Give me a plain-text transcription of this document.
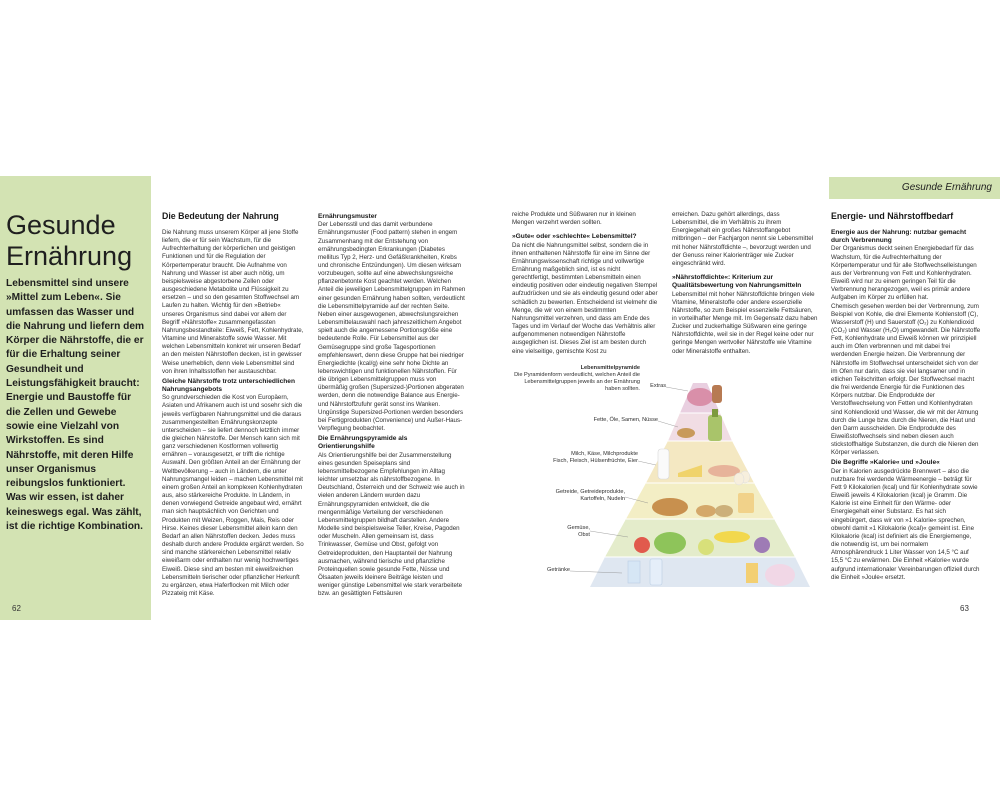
Gesunde
Ernährung

Lebensmittel sind unsere »Mittel zum Leben«. Sie umfassen das Wasser und die Nahrung und liefern dem Körper die Nährstoffe, die er für die Erhaltung seiner Gesundheit und Leistungsfähigkeit braucht: Energie und Baustoffe für die Zellen und Gewebe sowie eine Vielzahl von Wirkstoffen. Es sind Nährstoffe, mit deren Hilfe unser Organismus reibungslos funktioniert. Was wir essen, ist daher keineswegs egal. Was zählt, ist die richtige Kombination.

62
Die Bedeutung der Nahrung

Die Nahrung muss unserem Körper all jene Stoffe liefern, die er für sein Wachstum, für die Aufrechterhaltung der körperlichen und geistigen Funktionen und für die Regulation der Körpertemperatur braucht. Die Aufnahme von Nahrung und Wasser ist aber auch nötig, um beispielsweise abgestorbene Zellen oder ausgeschiedene Metabolite und Flüssigkeit zu ersetzen – und so den gesamten Stoffwechsel am Laufen zu halten. Wichtig für den »Betrieb« unseres Organismus sind dabei vor allem der Begriff »Nährstoffe« zusammengefassten Nahrungsbestandteile: Eiweiß, Fett, Kohlenhydrate, Vitamine und Mineralstoffe sowie Wasser. Mit welchen Lebensmitteln konkret wir unseren Bedarf an den meisten Nährstoffen decken, ist in gewisser Weise unerheblich, denn viele Lebensmittel sind von ihren Inhaltsstoffen her austauschbar.

Gleiche Nährstoffe trotz unterschiedlichen Nahrungsangebots

So grundverschieden die Kost von Europäern, Asiaten und Afrikanern auch ist und sosehr sich die jeweils verfügbaren Nahrungsmittel und die daraus zusammengestellten Ernährungskonzepte unterscheiden – sie liefert dennoch letztlich immer die gleichen Nährstoffe. Der Mensch kann sich mit ganz verschiedenen Kostformen vollwertig ernähren – vorausgesetzt, er trifft die richtige Auswahl. Den größten Anteil an der Ernährung der Weltbevölkerung – auch in Ländern, die unter Nahrungsmangel leiden – machen Lebensmittel mit einem großen Anteil an komplexen Kohlenhydraten aus, also stärkereiche Produkte. In Ländern, in denen vorwiegend Getreide angebaut wird, ernährt man sich hauptsächlich von Gerichten und Produkten mit Weizen, Roggen, Mais, Reis oder Hirse. Keines dieser Lebensmittel allein kann den Bedarf an allen Nährstoffen decken. Jedes muss deshalb durch andere Produkte ergänzt werden. So sind manche stärkereichen Lebensmittel relativ eiweißarm oder enthalten nur wenig hochwertiges Eiweiß. Diese sind am besten mit eiweißreichen Lebensmitteln tierischer oder pflanzlicher Herkunft zu ergänzen, etwa Haferflocken mit Milch oder Pizzateig mit Käse.

Ernährungsmuster

Der Lebensstil und das damit verbundene Ernährungsmuster (Food pattern) stehen in engem Zusammenhang mit der Entstehung von ernährungsbedingten Erkrankungen (Diabetes mellitus Typ 2, Herz- und Gefäßkrankheiten, Krebs und chronische Entzündungen). Um diesen wirksam vorzubeugen, sollte auf eine abwechslungsreiche pflanzenbetonte Kost geachtet werden. Welchen Anteil die jeweiligen Lebensmittelgruppen im Rahmen einer gesunden Ernährung haben sollten, verdeutlicht die Lebensmittelpyramide auf der rechten Seite.

Neben einer ausgewogenen, abwechslungsreichen Lebensmittelauswahl nach jahreszeitlichem Angebot spielt auch die angemessene Portionsgröße eine bedeutende Rolle. Für Lebensmittel aus der Gemüsegruppe sind große Tagesportionen empfehlenswert, denn diese Gruppe hat bei niedriger Energiedichte (kcal/g) eine sehr hohe Dichte an lebenswichtigen und funktionellen Nährstoffen. Für die übrigen Lebensmittelgruppen muss von übermäßig großen (Supersized-)Portionen abgeraten werden, denn die notwendige Balance aus Energie- und Nährstoffzufuhr gerät sonst ins Wanken. Ungünstige Supersized-Portionen werden besonders bei Fertigprodukten (Convenience) und Außer-Haus-Verpflegung beobachtet.

Die Ernährungspyramide als Orientierungshilfe

Als Orientierungshilfe bei der Zusammenstellung eines gesunden Speiseplans sind lebensmittelbezogene Empfehlungen im Alltag leichter umsetzbar als nährstoffbezogene. In Deutschland, Österreich und der Schweiz wie auch in vielen anderen Ländern wurden dazu Ernährungspyramiden entwickelt, die die mengenmäßige Verteilung der verschiedenen Lebensmittelgruppen bildhaft darstellen. Andere Modelle sind beispielsweise Teller, Kreise, Pagoden oder Muscheln. Allen gemeinsam ist, dass Trinkwasser, Gemüse und Obst, gefolgt von Getreideprodukten, den Hauptanteil der Nahrung ausmachen, während tierische und pflanzliche Proteinquellen sowie gesunde Fette, Nüsse und Ölsaaten jeweils kleinere Beiträge leisten und weniger günstige Lebensmittel wie stark verarbeitete bzw. an gesättigten Fettsäuren

Gesunde Ernährung

reiche Produkte und Süßwaren nur in kleinen Mengen verzehrt werden sollten.

»Gute« oder »schlechte« Lebensmittel?

Da nicht die Nahrungsmittel selbst, sondern die in ihnen enthaltenen Nährstoffe für eine im Sinne der Ernährungswissenschaft richtige und vollwertige Ernährung maßgeblich sind, ist es nicht gerechtfertigt, bestimmten Lebensmitteln einen eindeutig positiven oder eindeutig negativen Stempel aufzudrücken und sie als eindeutig gesund oder aber schädlich zu bewerten. Entscheidend ist vielmehr die Menge, die wir von einem bestimmten Nahrungsmittel verzehren, und dass am Ende des Tages und im Verlauf der Woche das Verhältnis aller aufgenommenen notwendigen Nährstoffe ausgeglichen ist. Dieses Ziel ist am besten durch eine vielseitige, gemischte Kost zu

erreichen. Dazu gehört allerdings, dass Lebensmittel, die im Verhältnis zu ihrem Energiegehalt ein großes Nährstoffangebot mitbringen – der Fachjargon nennt sie Lebensmittel mit hoher Nährstoffdichte –, bevorzugt werden und der Genuss reiner Kalorienträger wie Zucker eingeschränkt wird.

»Nährstoffdichte«: Kriterium zur Qualitätsbewertung von Nahrungsmitteln

Lebensmittel mit hoher Nährstoffdichte bringen viele Vitamine, Mineralstoffe oder andere essenzielle Nährstoffe, so zum Beispiel essenzielle Fettsäuren, in vorteilhafter Menge mit. Im Gegensatz dazu haben Zucker und zuckerhaltige Süßwaren eine geringe Nährstoffdichte, weil sie in der Regel keine oder nur geringe Mengen wertvoller Nährstoffe wie Vitamine oder Mineralstoffe enthalten.

Energie- und Nährstoffbedarf
Energie aus der Nahrung: nutzbar gemacht durch Verbrennung

Der Organismus deckt seinen Energiebedarf für das Wachstum, für die Aufrechterhaltung der Körpertemperatur und für alle Stoffwechselleistungen aus der Verbrennung von Fett und Kohlenhydraten. Eiweiß wird nur zu einem geringen Teil für die Verbrennung herangezogen, weil es primär andere Aufgaben im Körper zu erfüllen hat.

Chemisch gesehen werden bei der Verbrennung, zum Beispiel von Kohle, die drei Elemente Kohlenstoff (C), Wasserstoff (H) und Sauerstoff (O₂) zu Kohlendioxid (CO₂) und Wasser (H₂O) umgewandelt. Die Nährstoffe Fett, Kohlenhydrate und Eiweiß können wir prinzipiell auch im Ofen verbrennen und mit dabei frei werdenden Energie heizen. Die Verbrennung der Nährstoffe im Stoffwechsel unterscheidet sich von der im Ofen nur darin, dass sie viel langsamer und in etlichen Teilschritten erfolgt. Der Stoffwechsel macht die frei werdende Energie für die Funktionen des Körpers nutzbar. Die Endprodukte der Verstoffwechselung von Fetten und Kohlenhydraten sind Kohlendioxid und Wasser, die wir mit der Atmung durch die Lunge bzw. durch die Nieren, die Haut und den Darm ausscheiden. Die Endprodukte des Eiweißstoffwechsels sind neben diesen auch stickstoffhaltige Substanzen, die durch die Nieren den Körper verlassen.

Die Begriffe »Kalorie« und »Joule«

Der in Kalorien ausgedrückte Brennwert – also die nutzbare frei werdende Wärmeenergie – beträgt für Fett 9 Kilokalorien (kcal) und für Kohlenhydrate sowie Eiweiß jeweils 4 Kilokalorien (kcal) je Gramm. Die Kalorie ist eine Einheit für den Wärme- oder Energiegehalt einer Substanz. Es hat sich eingebürgert, dass wir von »1 Kalorie« sprechen, obwohl damit »1 Kilokalorie (kcal)« gemeint ist. Eine Kilokalorie (kcal) ist definiert als die Energiemenge, die notwendig ist, um bei normalem Atmosphärendruck 1 Liter Wasser von 14,5 °C auf 15,5 °C zu erwärmen. Die Einheit »Kalorie« wurde aufgrund internationaler Vereinbarungen offiziell durch die Einheit »Joule« ersetzt.

Lebensmittelpyramide
Die Pyramidenform verdeutlicht, welchen Anteil die Lebensmittelgruppen jeweils an der Ernährung haben sollten.
Extras
Fette, Öle, Samen, Nüsse
Milch, Käse, Milchprodukte
Fisch, Fleisch, Hülsenfrüchte, Eier
Getreide, Getreideprodukte,
Kartoffeln, Nudeln
Gemüse,
Obst
Getränke
63
